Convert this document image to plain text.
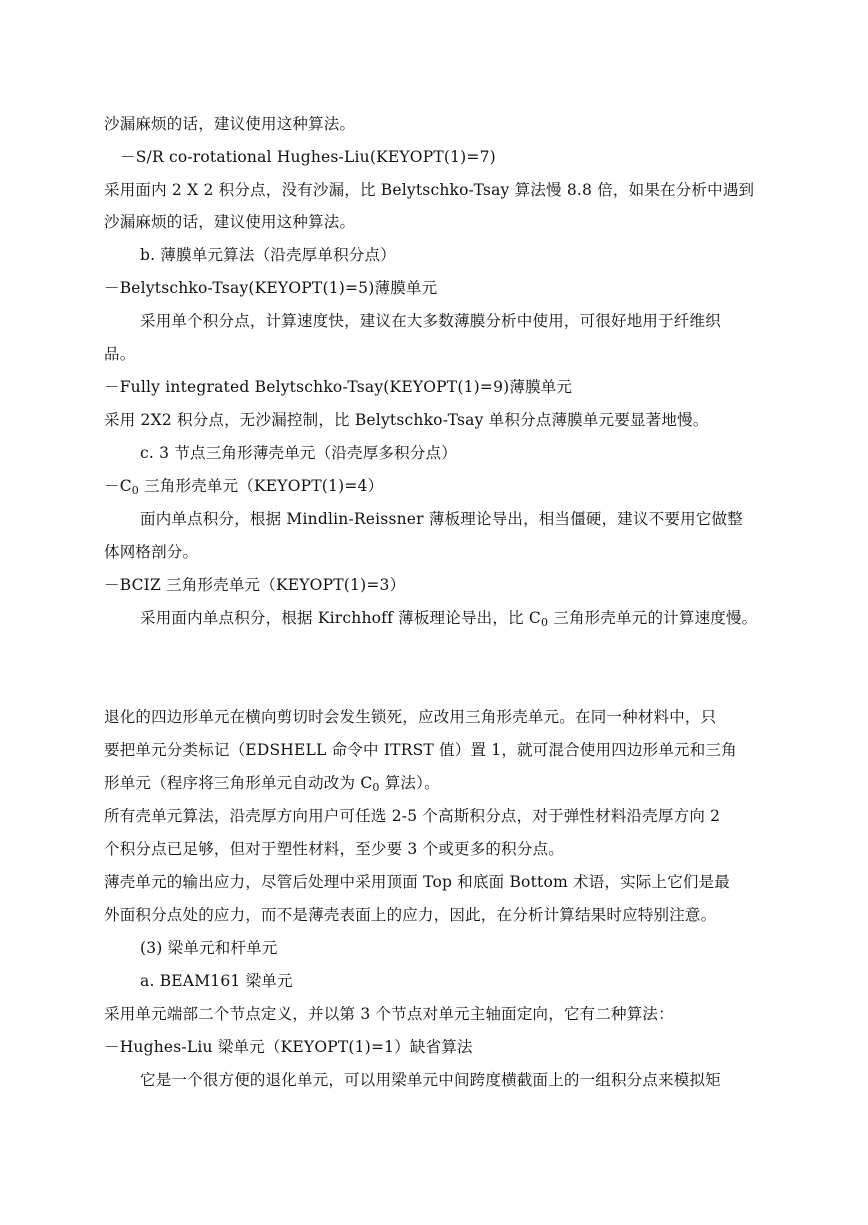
沙漏麻烦的话，建议使用这种算法。
－S/R co-rotational Hughes-Liu(KEYOPT(1)=7)
采用面内 2 X 2 积分点，没有沙漏，比 Belytschko-Tsay 算法慢 8.8 倍，如果在分析中遇到
沙漏麻烦的话，建议使用这种算法。
b. 薄膜单元算法（沿壳厚单积分点）
－Belytschko-Tsay(KEYOPT(1)=5)薄膜单元
采用单个积分点，计算速度快，建议在大多数薄膜分析中使用，可很好地用于纤维织
品。
－Fully integrated Belytschko-Tsay(KEYOPT(1)=9)薄膜单元
采用 2X2 积分点，无沙漏控制，比 Belytschko-Tsay 单积分点薄膜单元要显著地慢。
c. 3 节点三角形薄壳单元（沿壳厚多积分点）
$-C_0$ 三角形壳单元（KEYOPT(1)=4）
面内单点积分，根据 Mindlin-Reissner 薄板理论导出，相当僵硬，建议不要用它做整
体网格剖分。
－BCIZ 三角形壳单元（KEYOPT(1)=3）
采用面内单点积分，根据 Kirchhoff 薄板理论导出，比 $C_0$ 三角形壳单元的计算速度慢。
退化的四边形单元在横向剪切时会发生锁死，应改用三角形壳单元。在同一种材料中，只
要把单元分类标记（EDSHELL 命令中 ITRST 值）置 1，就可混合使用四边形单元和三角
形单元（程序将三角形单元自动改为 $C_0$ 算法）。
所有壳单元算法，沿壳厚方向用户可任选 2-5 个高斯积分点，对于弹性材料沿壳厚方向 2
个积分点已足够，但对于塑性材料，至少要 3 个或更多的积分点。
薄壳单元的输出应力，尽管后处理中采用顶面 Top 和底面 Bottom 术语，实际上它们是最
外面积分点处的应力，而不是薄壳表面上的应力，因此，在分析计算结果时应特别注意。
(3) 梁单元和杆单元
a. BEAM161 梁单元
采用单元端部二个节点定义，并以第 3 个节点对单元主轴面定向，它有二种算法：
－Hughes-Liu 梁单元（KEYOPT(1)=1）缺省算法
它是一个很方便的退化单元，可以用梁单元中间跨度横截面上的一组积分点来模拟矩
